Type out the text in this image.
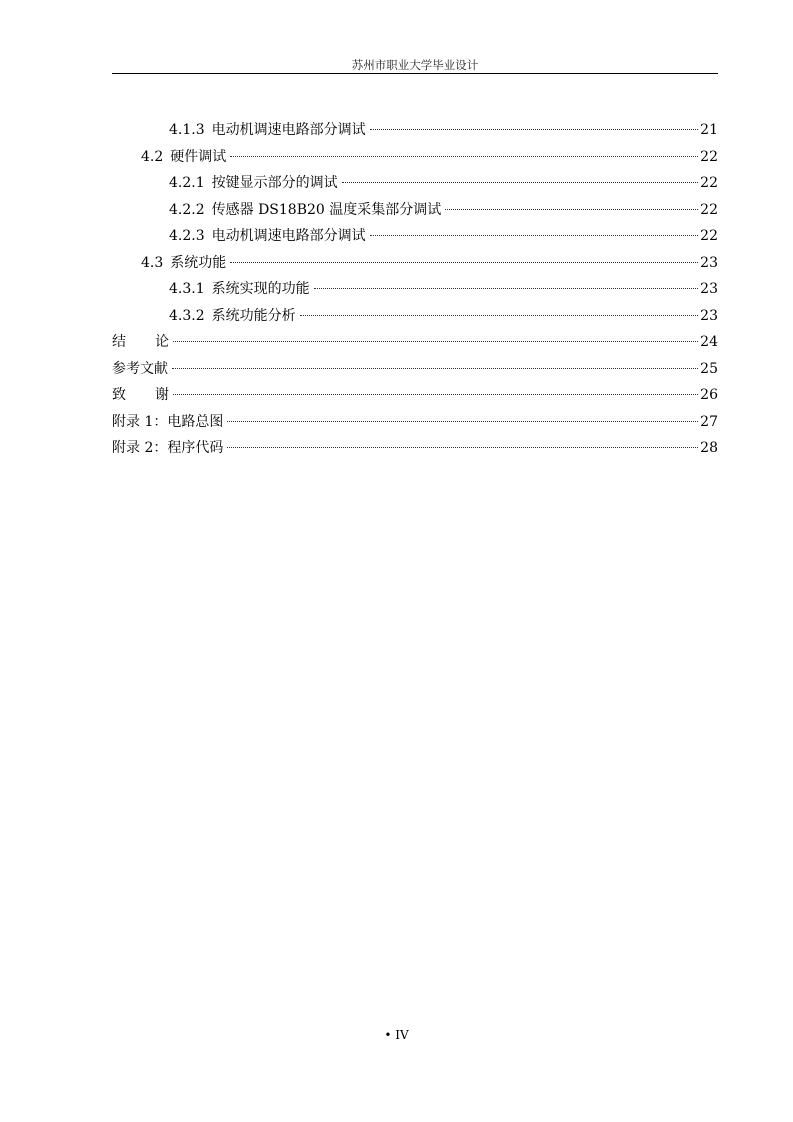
苏州市职业大学毕业设计
4.1.3 电动机调速电路部分调试	21
4.2 硬件调试	22
4.2.1 按键显示部分的调试	22
4.2.2 传感器 DS18B20 温度采集部分调试	22
4.2.3 电动机调速电路部分调试	22
4.3 系统功能	23
4.3.1 系统实现的功能	23
4.3.2 系统功能分析	23
结论	24
参考文献	25
致谢	26
附录 1：电路总图	27
附录 2：程序代码	28
• IV
